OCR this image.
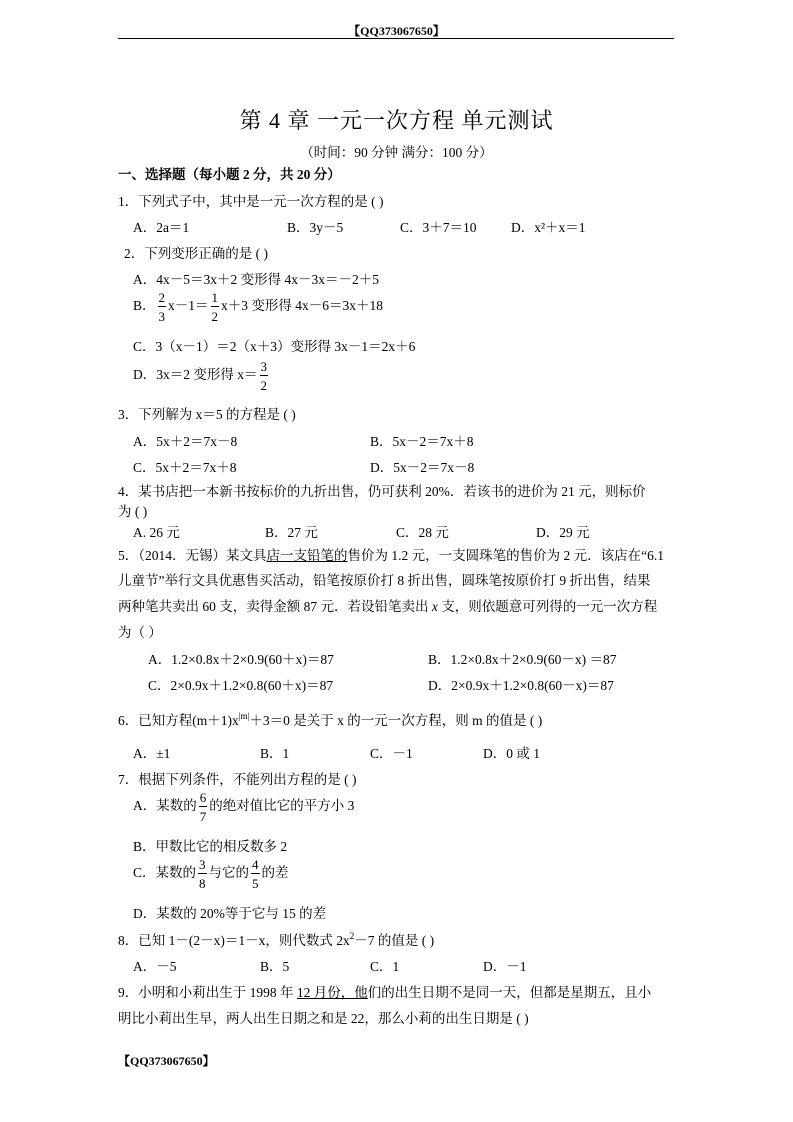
【QQ373067650】
第 4 章 一元一次方程 单元测试
（时间：90 分钟 满分：100 分）
一、选择题（每小题 2 分，共 20 分）
1．下列式子中，其中是一元一次方程的是 ( )
A．2a＝1	B．3y－5	C．3＋7＝10	D．x²＋x＝1
2．下列变形正确的是 ( )
A．4x－5＝3x＋2 变形得 4x－3x＝－2＋5
B． $\frac{2}{3} x-1= \frac{1}{2} x+3$ 变形得 4x－6＝3x＋18
C．3（x－1）＝2（x＋3）变形得 3x－1＝2x＋6
D．3x＝2 变形得 $x= \frac{3}{2}$
3．下列解为 x＝5 的方程是 ( )
A．5x＋2＝7x－8	B．5x－2＝7x＋8
C．5x＋2＝7x＋8	D．5x－2＝7x－8
4．某书店把一本新书按标价的九折出售，仍可获利 20%．若该书的进价为 21 元，则标价
为 ( )
A. 26 元	B．27 元	C．28 元	D．29 元
5．（2014．无锡）某文具店一支铅笔的售价为 1.2 元，一支圆珠笔的售价为 2 元．该店在“6.1
儿童节”举行文具优惠售买活动，铅笔按原价打 8 折出售，圆珠笔按原价打 9 折出售，结果
两种笔共卖出 60 支，卖得金额 87 元．若设铅笔卖出 x 支，则依题意可列得的一元一次方程
为（ ）
A．1.2×0.8x＋2×0.9(60＋x)＝87	B．1.2×0.8x＋2×0.9(60－x) ＝87
C．2×0.9x＋1.2×0.8(60＋x)＝87	D．2×0.9x＋1.2×0.8(60－x)＝87
6．已知方程$(m+1)x^{|m|}+3=0$ 是关于 x 的一元一次方程，则 m 的值是 ( )
A．±1	B．1	C．－1	D．0 或 1
7．根据下列条件，不能列出方程的是 ( )
A．某数的 $\frac{6}{7}$ 的绝对值比它的平方小 3
B．甲数比它的相反数多 2
C．某数的 $\frac{3}{8}$ 与它的 $\frac{4}{5}$ 的差
D．某数的 20%等于它与 15 的差
8．已知 1－(2－x)＝1－x，则代数式 $2x^2-7$ 的值是 ( )
A．－5	B．5	C．1	D．－1
9．小明和小莉出生于 1998 年 12 月份，他们的出生日期不是同一天，但都是星期五，且小
明比小莉出生早，两人出生日期之和是 22，那么小莉的出生日期是 ( )
【QQ373067650】
